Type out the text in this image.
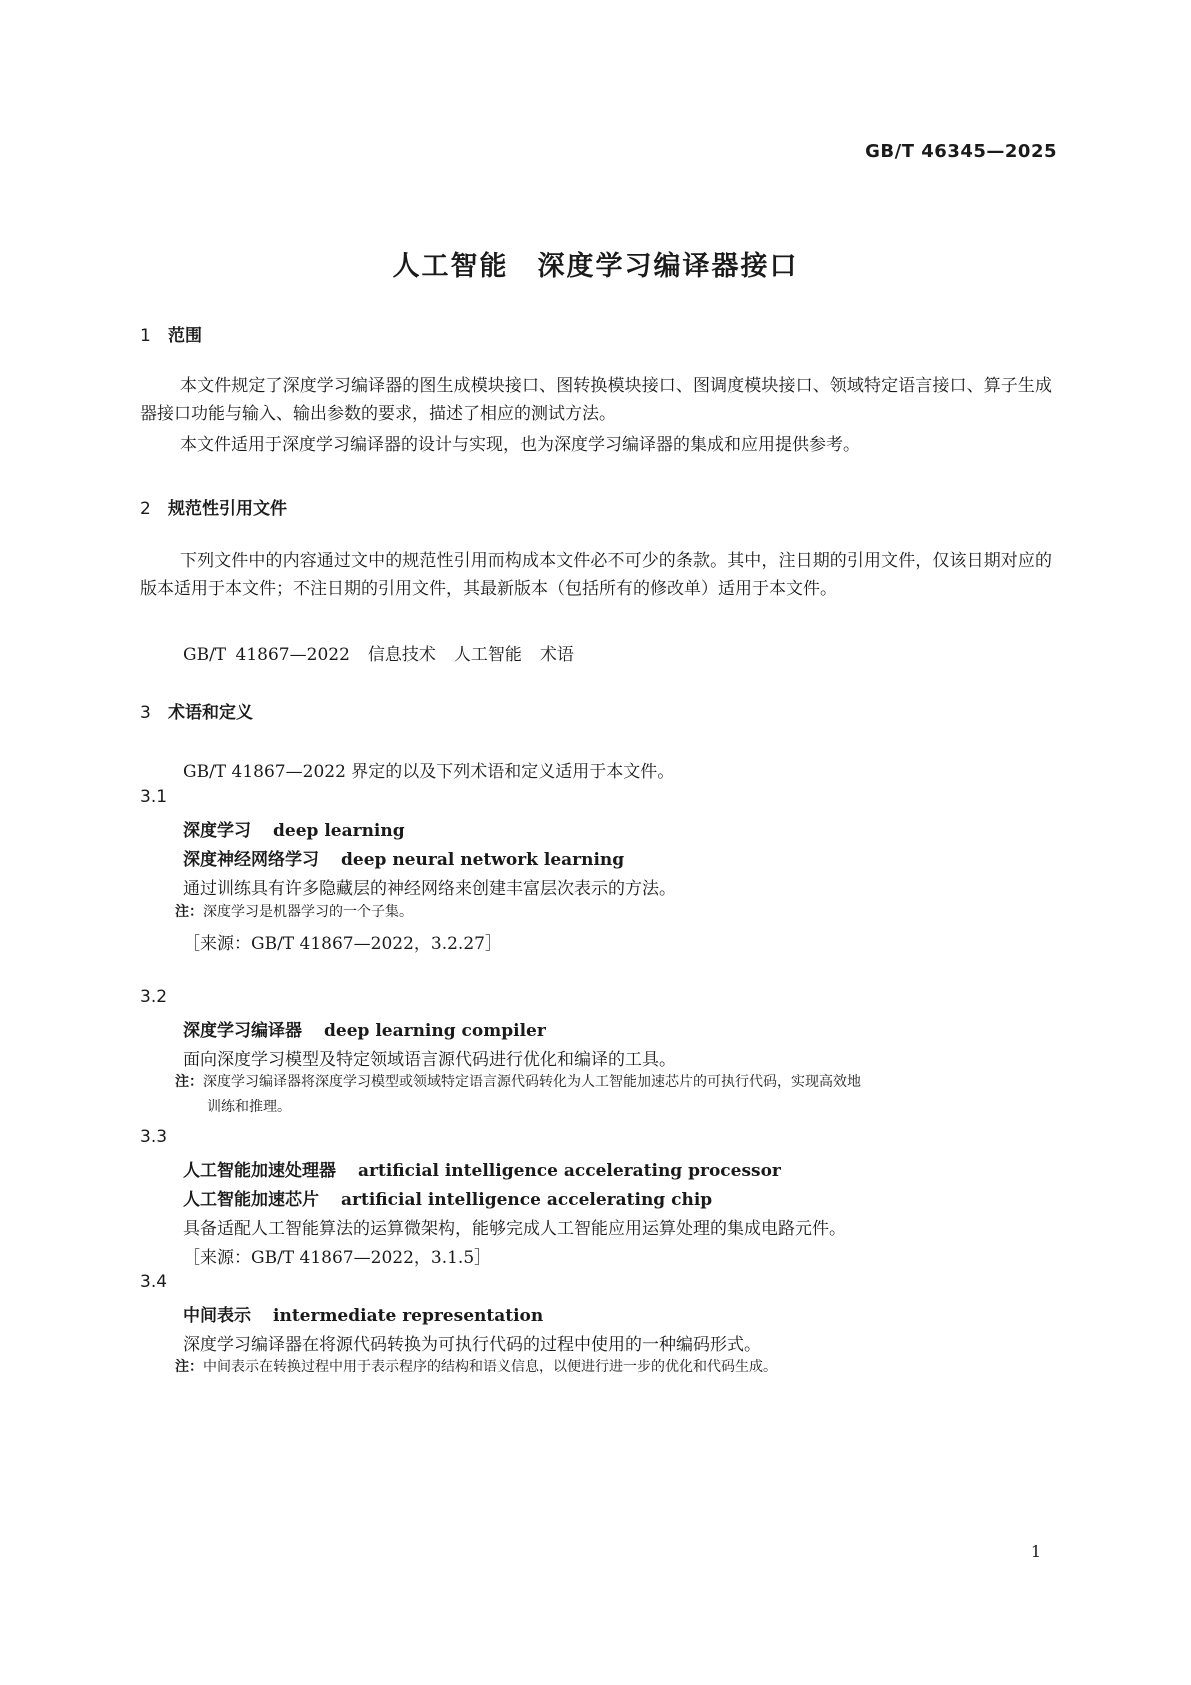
GB/T 46345—2025
人工智能　深度学习编译器接口
1 范围
本文件规定了深度学习编译器的图生成模块接口、图转换模块接口、图调度模块接口、领域特定语言接口、算子生成器接口功能与输入、输出参数的要求，描述了相应的测试方法。
本文件适用于深度学习编译器的设计与实现，也为深度学习编译器的集成和应用提供参考。
2 规范性引用文件
下列文件中的内容通过文中的规范性引用而构成本文件必不可少的条款。其中，注日期的引用文件，仅该日期对应的版本适用于本文件；不注日期的引用文件，其最新版本（包括所有的修改单）适用于本文件。
GB/T 41867—2022 信息技术 人工智能 术语
3 术语和定义
GB/T 41867—2022 界定的以及下列术语和定义适用于本文件。
3.1
深度学习 deep learning
深度神经网络学习 deep neural network learning
通过训练具有许多隐藏层的神经网络来创建丰富层次表示的方法。
注：深度学习是机器学习的一个子集。
［来源：GB/T 41867—2022，3.2.27］
3.2
深度学习编译器 deep learning compiler
面向深度学习模型及特定领域语言源代码进行优化和编译的工具。
注：深度学习编译器将深度学习模型或领域特定语言源代码转化为人工智能加速芯片的可执行代码，实现高效地
训练和推理。
3.3
人工智能加速处理器 artificial intelligence accelerating processor
人工智能加速芯片 artificial intelligence accelerating chip
具备适配人工智能算法的运算微架构，能够完成人工智能应用运算处理的集成电路元件。
［来源：GB/T 41867—2022，3.1.5］
3.4
中间表示 intermediate representation
深度学习编译器在将源代码转换为可执行代码的过程中使用的一种编码形式。
注：中间表示在转换过程中用于表示程序的结构和语义信息，以便进行进一步的优化和代码生成。
1
